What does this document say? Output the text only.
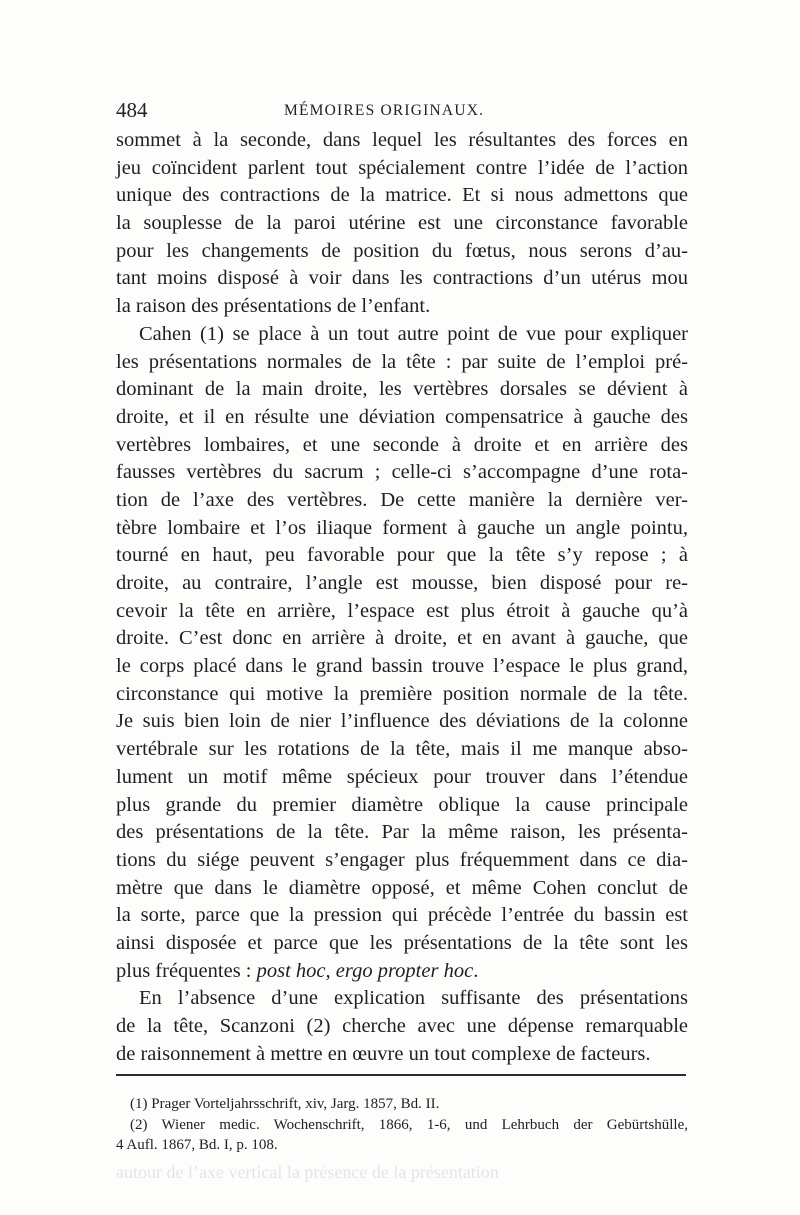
484	MÉMOIRES ORIGINAUX.
sommet à la seconde, dans lequel les résultantes des forces en
jeu coïncident parlent tout spécialement contre l’idée de l’action
unique des contractions de la matrice. Et si nous admettons que
la souplesse de la paroi utérine est une circonstance favorable
pour les changements de position du fœtus, nous serons d’au-
tant moins disposé à voir dans les contractions d’un utérus mou
la raison des présentations de l’enfant.
Cahen (1) se place à un tout autre point de vue pour expliquer
les présentations normales de la tête : par suite de l’emploi pré-
dominant de la main droite, les vertèbres dorsales se dévient à
droite, et il en résulte une déviation compensatrice à gauche des
vertèbres lombaires, et une seconde à droite et en arrière des
fausses vertèbres du sacrum ; celle-ci s’accompagne d’une rota-
tion de l’axe des vertèbres. De cette manière la dernière ver-
tèbre lombaire et l’os iliaque forment à gauche un angle pointu,
tourné en haut, peu favorable pour que la tête s’y repose ; à
droite, au contraire, l’angle est mousse, bien disposé pour re-
cevoir la tête en arrière, l’espace est plus étroit à gauche qu’à
droite. C’est donc en arrière à droite, et en avant à gauche, que
le corps placé dans le grand bassin trouve l’espace le plus grand,
circonstance qui motive la première position normale de la tête.
Je suis bien loin de nier l’influence des déviations de la colonne
vertébrale sur les rotations de la tête, mais il me manque abso-
lument un motif même spécieux pour trouver dans l’étendue
plus grande du premier diamètre oblique la cause principale
des présentations de la tête. Par la même raison, les présenta-
tions du siége peuvent s’engager plus fréquemment dans ce dia-
mètre que dans le diamètre opposé, et même Cohen conclut de
la sorte, parce que la pression qui précède l’entrée du bassin est
ainsi disposée et parce que les présentations de la tête sont les
plus fréquentes : post hoc, ergo propter hoc.
En l’absence d’une explication suffisante des présentations
de la tête, Scanzoni (2) cherche avec une dépense remarquable
de raisonnement à mettre en œuvre un tout complexe de facteurs.
(1) Prager Vorteljahrsschrift, xiv, Jarg. 1857, Bd. II.
(2) Wiener medic. Wochenschrift, 1866, 1-6, und Lehrbuch der Gebürtshülle,
4 Aufl. 1867, Bd. I, p. 108.
autour de l’axe vertical la présence de la présentation
